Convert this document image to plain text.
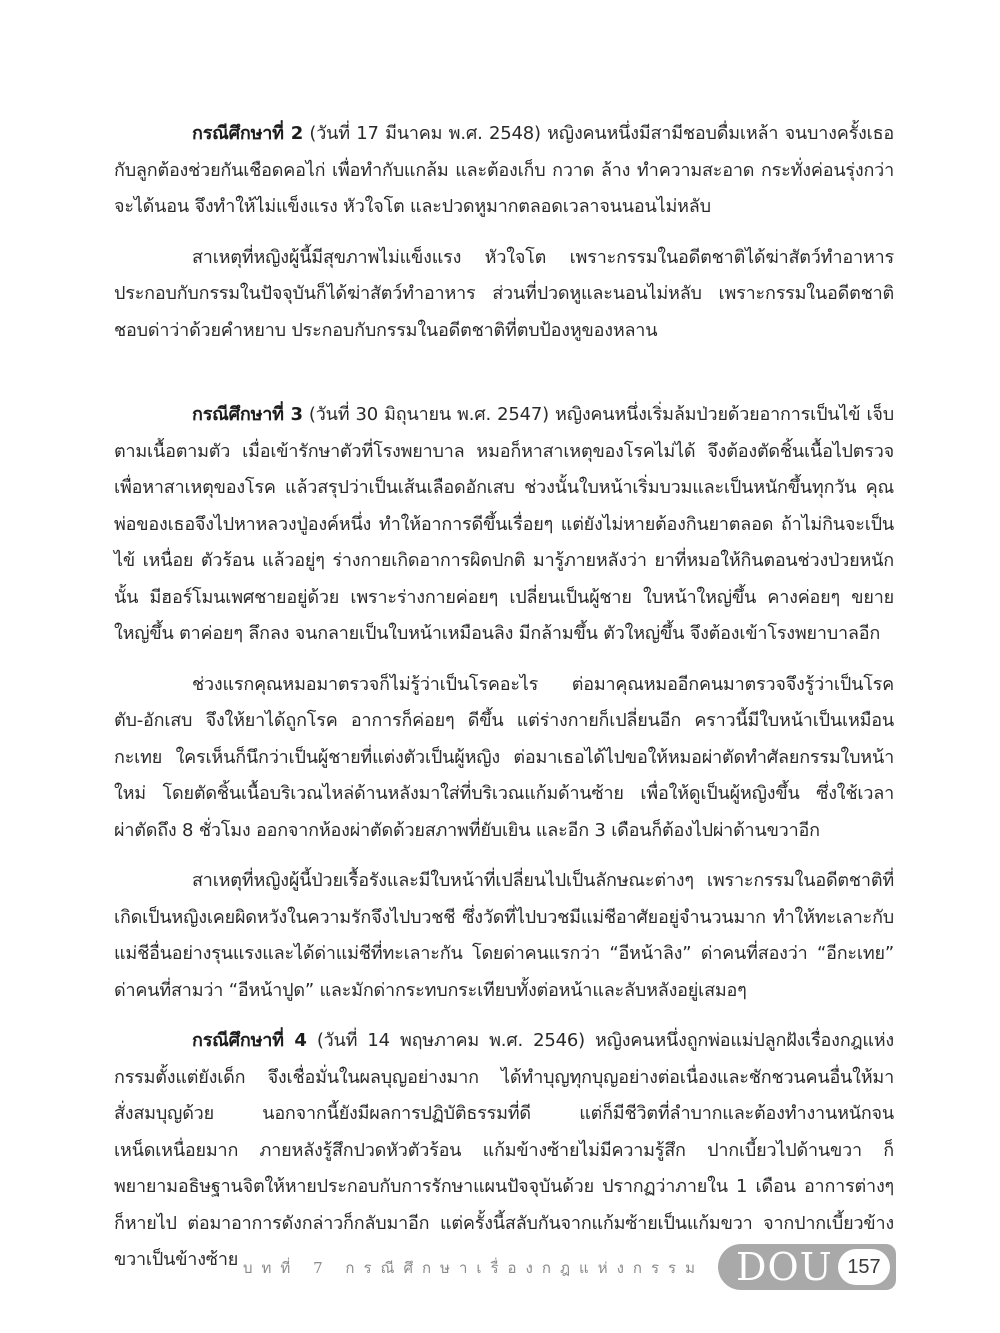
กรณีศึกษาที่ 2 (วันที่ 17 มีนาคม พ.ศ. 2548) หญิงคนหนึ่งมีสามีชอบดื่มเหล้า จนบางครั้งเธอกับลูกต้องช่วยกันเชือดคอไก่ เพื่อทำกับแกล้ม และต้องเก็บ กวาด ล้าง ทำความสะอาด กระทั่งค่อนรุ่งกว่าจะได้นอน จึงทำให้ไม่แข็งแรง หัวใจโต และปวดหูมากตลอดเวลาจนนอนไม่หลับ

สาเหตุที่หญิงผู้นี้มีสุขภาพไม่แข็งแรง หัวใจโต เพราะกรรมในอดีตชาติได้ฆ่าสัตว์ทำอาหาร ประกอบกับกรรมในปัจจุบันก็ได้ฆ่าสัตว์ทำอาหาร ส่วนที่ปวดหูและนอนไม่หลับ เพราะกรรมในอดีตชาติชอบด่าว่าด้วยคำหยาบ ประกอบกับกรรมในอดีตชาติที่ตบป้องหูของหลาน

กรณีศึกษาที่ 3 (วันที่ 30 มิถุนายน พ.ศ. 2547) หญิงคนหนึ่งเริ่มล้มป่วยด้วยอาการเป็นไข้ เจ็บตามเนื้อตามตัว เมื่อเข้ารักษาตัวที่โรงพยาบาล หมอก็หาสาเหตุของโรคไม่ได้ จึงต้องตัดชิ้นเนื้อไปตรวจเพื่อหาสาเหตุของโรค แล้วสรุปว่าเป็นเส้นเลือดอักเสบ ช่วงนั้นใบหน้าเริ่มบวมและเป็นหนักขึ้นทุกวัน คุณพ่อของเธอจึงไปหาหลวงปู่องค์หนึ่ง ทำให้อาการดีขึ้นเรื่อยๆ แต่ยังไม่หายต้องกินยาตลอด ถ้าไม่กินจะเป็นไข้ เหนื่อย ตัวร้อน แล้วอยู่ๆ ร่างกายเกิดอาการผิดปกติ มารู้ภายหลังว่า ยาที่หมอให้กินตอนช่วงป่วยหนักนั้น มีฮอร์โมนเพศชายอยู่ด้วย เพราะร่างกายค่อยๆ เปลี่ยนเป็นผู้ชาย ใบหน้าใหญ่ขึ้น คางค่อยๆ ขยายใหญ่ขึ้น ตาค่อยๆ ลึกลง จนกลายเป็นใบหน้าเหมือนลิง มีกล้ามขึ้น ตัวใหญ่ขึ้น จึงต้องเข้าโรงพยาบาลอีก

ช่วงแรกคุณหมอมาตรวจก็ไม่รู้ว่าเป็นโรคอะไร ต่อมาคุณหมออีกคนมาตรวจจึงรู้ว่าเป็นโรคตับ-อักเสบ จึงให้ยาได้ถูกโรค อาการก็ค่อยๆ ดีขึ้น แต่ร่างกายก็เปลี่ยนอีก คราวนี้มีใบหน้าเป็นเหมือนกะเทย ใครเห็นก็นึกว่าเป็นผู้ชายที่แต่งตัวเป็นผู้หญิง ต่อมาเธอได้ไปขอให้หมอผ่าตัดทำศัลยกรรมใบหน้าใหม่ โดยตัดชิ้นเนื้อบริเวณไหล่ด้านหลังมาใส่ที่บริเวณแก้มด้านซ้าย เพื่อให้ดูเป็นผู้หญิงขึ้น ซึ่งใช้เวลาผ่าตัดถึง 8 ชั่วโมง ออกจากห้องผ่าตัดด้วยสภาพที่ยับเยิน และอีก 3 เดือนก็ต้องไปผ่าด้านขวาอีก

สาเหตุที่หญิงผู้นี้ป่วยเรื้อรังและมีใบหน้าที่เปลี่ยนไปเป็นลักษณะต่างๆ เพราะกรรมในอดีตชาติที่เกิดเป็นหญิงเคยผิดหวังในความรักจึงไปบวชชี ซึ่งวัดที่ไปบวชมีแม่ชีอาศัยอยู่จำนวนมาก ทำให้ทะเลาะกับแม่ชีอื่นอย่างรุนแรงและได้ด่าแม่ชีที่ทะเลาะกัน โดยด่าคนแรกว่า “อีหน้าลิง” ด่าคนที่สองว่า “อีกะเทย” ด่าคนที่สามว่า “อีหน้าปูด” และมักด่ากระทบกระเทียบทั้งต่อหน้าและลับหลังอยู่เสมอๆ

กรณีศึกษาที่ 4 (วันที่ 14 พฤษภาคม พ.ศ. 2546) หญิงคนหนึ่งถูกพ่อแม่ปลูกฝังเรื่องกฎแห่งกรรมตั้งแต่ยังเด็ก จึงเชื่อมั่นในผลบุญอย่างมาก ได้ทำบุญทุกบุญอย่างต่อเนื่องและชักชวนคนอื่นให้มาสั่งสมบุญด้วย นอกจากนี้ยังมีผลการปฏิบัติธรรมที่ดี แต่ก็มีชีวิตที่ลำบากและต้องทำงานหนักจนเหน็ดเหนื่อยมาก ภายหลังรู้สึกปวดหัวตัวร้อน แก้มข้างซ้ายไม่มีความรู้สึก ปากเบี้ยวไปด้านขวา ก็พยายามอธิษฐานจิตให้หายประกอบกับการรักษาแผนปัจจุบันด้วย ปรากฏว่าภายใน 1 เดือน อาการต่างๆ ก็หายไป ต่อมาอาการดังกล่าวก็กลับมาอีก แต่ครั้งนี้สลับกันจากแก้มซ้ายเป็นแก้มขวา จากปากเบี้ยวข้างขวาเป็นข้างซ้าย บทที่ 7 กรณีศึกษาเรื่องกฎแห่งกรรม DOU 157
